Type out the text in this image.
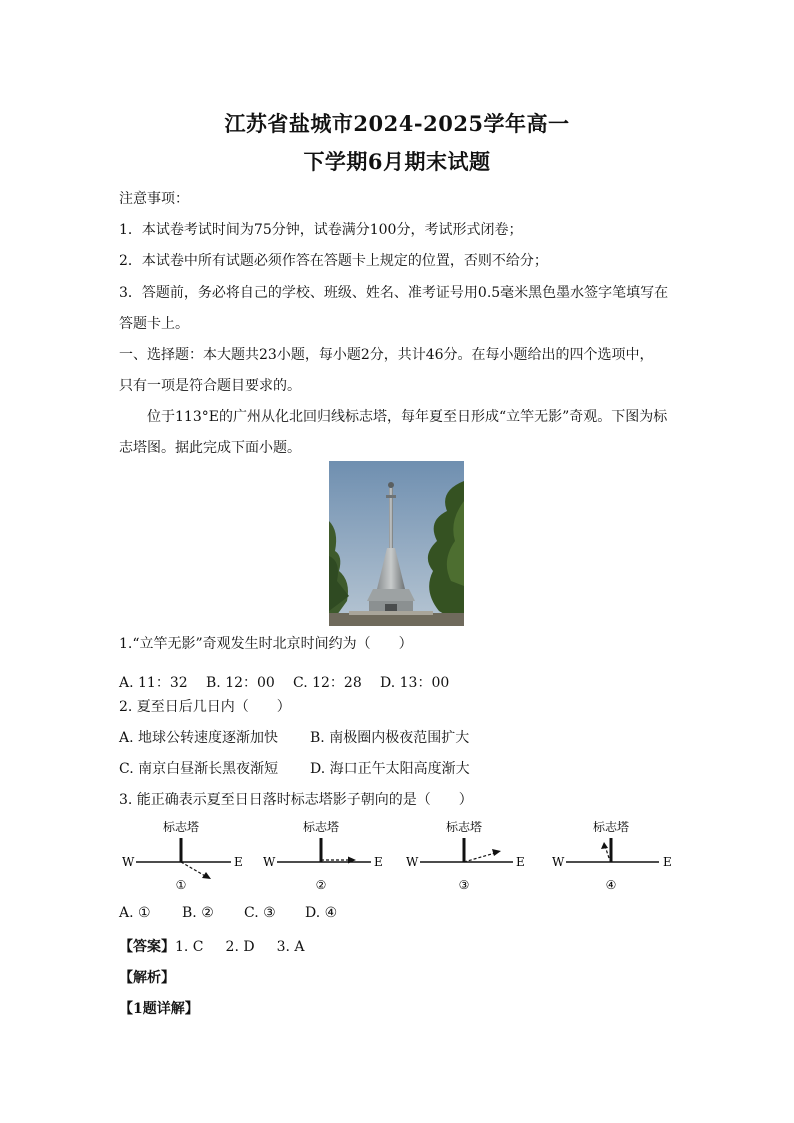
江苏省盐城市2024-2025学年高一
下学期6月期末试题
注意事项：
1．本试卷考试时间为75分钟，试卷满分100分，考试形式闭卷；
2．本试卷中所有试题必须作答在答题卡上规定的位置，否则不给分；
3．答题前，务必将自己的学校、班级、姓名、准考证号用0.5毫米黑色墨水签字笔填写在
答题卡上。
一、选择题：本大题共23小题，每小题2分，共计46分。在每小题给出的四个选项中，
只有一项是符合题目要求的。
位于113°E的广州从化北回归线标志塔，每年夏至日形成“立竿无影”奇观。下图为标
志塔图。据此完成下面小题。
1.“立竿无影”奇观发生时北京时间约为（　　）
A. 11：32 B. 12：00 C. 12：28 D. 13：00
2. 夏至日后几日内（　　）
A. 地球公转速度逐渐加快 B. 南极圈内极夜范围扩大
C. 南京白昼渐长黑夜渐短 D. 海口正午太阳高度渐大
3. 能正确表示夏至日日落时标志塔影子朝向的是（　　）
标志塔
W	E
①
标志塔
W	E
②
标志塔
W	E
③
标志塔
W	E
④
A. ① B. ② C. ③ D. ④
【答案】1. C 2. D 3. A
【解析】
【1题详解】
